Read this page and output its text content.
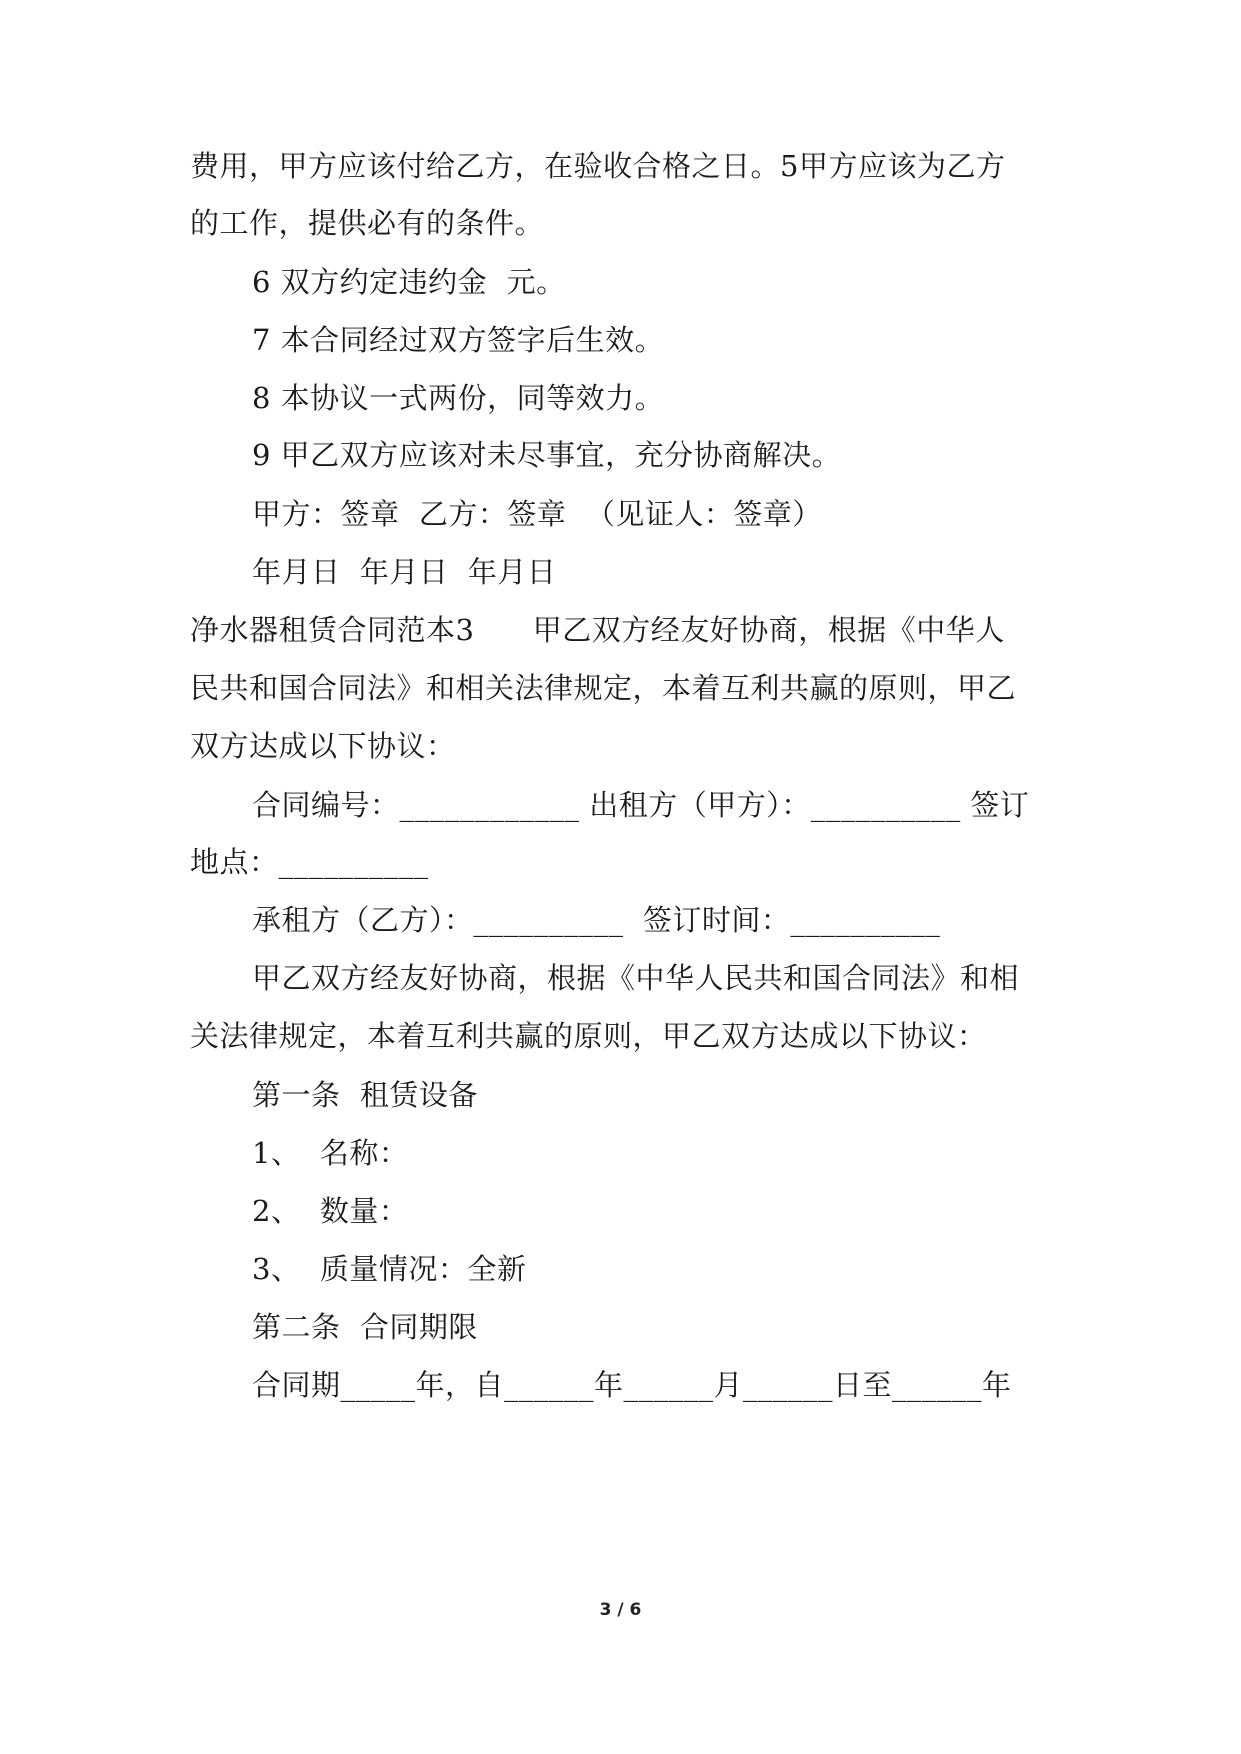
费用，甲方应该付给乙方，在验收合格之日。5甲方应该为乙方
的工作，提供必有的条件。
6 双方约定违约金  元。
7 本合同经过双方签字后生效。
8 本协议一式两份，同等效力。
9 甲乙双方应该对未尽事宜，充分协商解决。
甲方：签章  乙方：签章  （见证人：签章）
年月日  年月日  年月日
净水器租赁合同范本3      甲乙双方经友好协商，根据《中华人
民共和国合同法》和相关法律规定，本着互利共赢的原则，甲乙
双方达成以下协议：
合同编号：____________ 出租方（甲方）：__________ 签订
地点：__________
承租方（乙方）：__________  签订时间：__________
甲乙双方经友好协商，根据《中华人民共和国合同法》和相
关法律规定，本着互利共赢的原则，甲乙双方达成以下协议：
第一条  租赁设备
1、  名称：
2、  数量：
3、  质量情况：全新
第二条  合同期限
合同期_____年，自______年______月______日至______年
3 / 6
